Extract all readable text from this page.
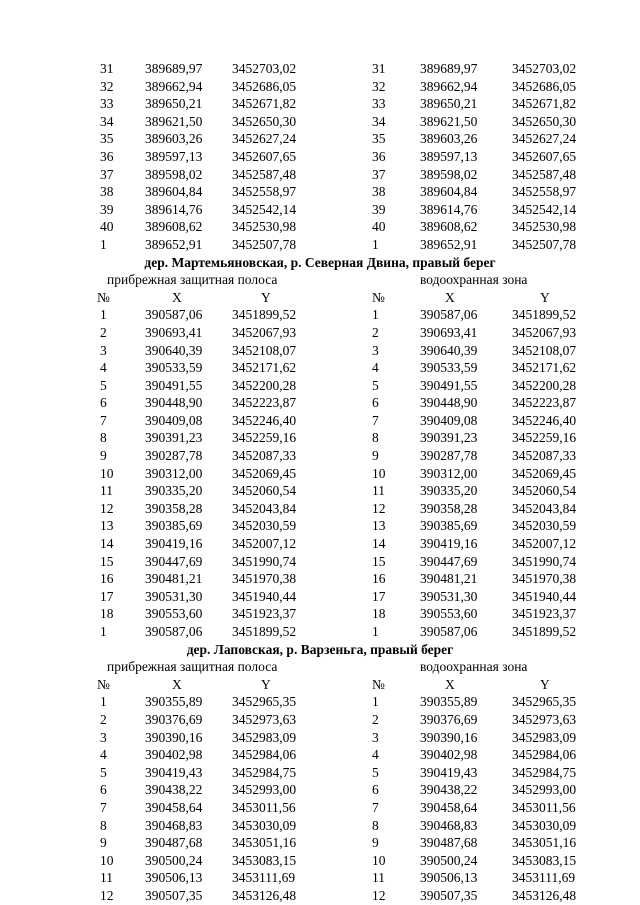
31 389689,97 3452703,02	31	389689,97	3452703,02
32 389662,94 3452686,05	32	389662,94	3452686,05
33 389650,21 3452671,82	33	389650,21	3452671,82
34 389621,50 3452650,30	34	389621,50	3452650,30
35 389603,26 3452627,24	35	389603,26	3452627,24
36 389597,13 3452607,65	36	389597,13	3452607,65
37 389598,02 3452587,48	37	389598,02	3452587,48
38 389604,84 3452558,97	38	389604,84	3452558,97
39 389614,76 3452542,14	39	389614,76	3452542,14
40 389608,62 3452530,98	40	389608,62	3452530,98
1	389652,91 3452507,78	1	389652,91	3452507,78
дер. Мартемьяновская, р. Северная Двина, правый берег
прибрежная защитная полоса	водоохранная зона
№	X	Y	№	X	Y
1	390587,06 3451899,52	1	390587,06	3451899,52
2	390693,41 3452067,93	2	390693,41	3452067,93
3	390640,39 3452108,07	3	390640,39	3452108,07
4	390533,59 3452171,62	4	390533,59	3452171,62
5	390491,55 3452200,28	5	390491,55	3452200,28
6	390448,90 3452223,87	6	390448,90	3452223,87
7	390409,08 3452246,40	7	390409,08	3452246,40
8	390391,23 3452259,16	8	390391,23	3452259,16
9	390287,78 3452087,33	9	390287,78	3452087,33
10 390312,00 3452069,45	10	390312,00	3452069,45
11 390335,20 3452060,54	11	390335,20	3452060,54
12 390358,28 3452043,84	12	390358,28	3452043,84
13 390385,69 3452030,59	13	390385,69	3452030,59
14 390419,16 3452007,12	14	390419,16	3452007,12
15 390447,69 3451990,74	15	390447,69	3451990,74
16 390481,21 3451970,38	16	390481,21	3451970,38
17 390531,30 3451940,44	17	390531,30	3451940,44
18 390553,60 3451923,37	18	390553,60	3451923,37
1	390587,06 3451899,52	1	390587,06	3451899,52
дер. Лаповская, р. Варзеньга, правый берег
прибрежная защитная полоса	водоохранная зона
№	X	Y	№	X	Y
1	390355,89 3452965,35	1	390355,89	3452965,35
2	390376,69 3452973,63	2	390376,69	3452973,63
3	390390,16 3452983,09	3	390390,16	3452983,09
4	390402,98 3452984,06	4	390402,98	3452984,06
5	390419,43 3452984,75	5	390419,43	3452984,75
6	390438,22 3452993,00	6	390438,22	3452993,00
7	390458,64 3453011,56	7	390458,64	3453011,56
8	390468,83 3453030,09	8	390468,83	3453030,09
9	390487,68 3453051,16	9	390487,68	3453051,16
10 390500,24 3453083,15	10	390500,24	3453083,15
11 390506,13 3453111,69	11	390506,13	3453111,69
12 390507,35 3453126,48	12	390507,35	3453126,48
